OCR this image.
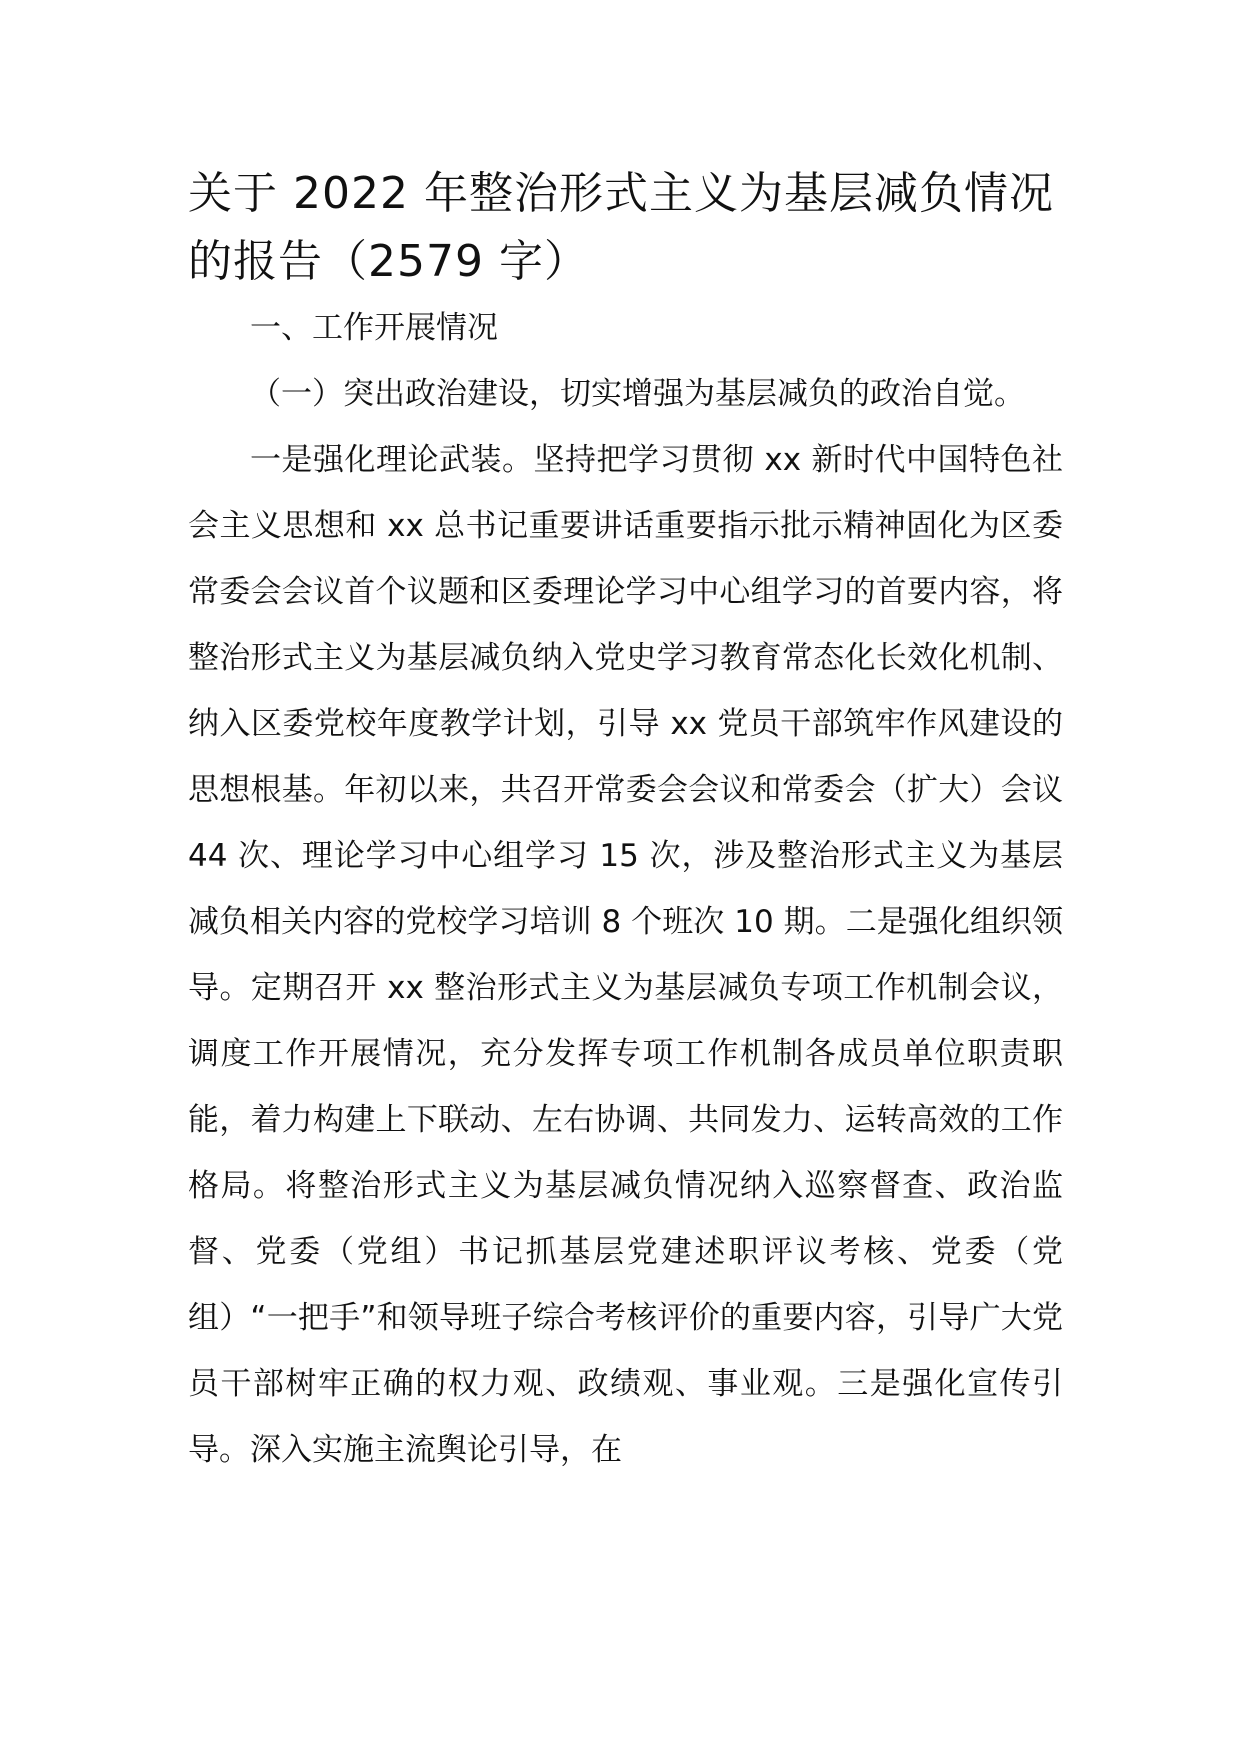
关于 2022 年整治形式主义为基层减负情况的报告（2579 字）

一、工作开展情况

（一）突出政治建设，切实增强为基层减负的政治自觉。

一是强化理论武装。坚持把学习贯彻 xx 新时代中国特色社会主义思想和 xx 总书记重要讲话重要指示批示精神固化为区委常委会会议首个议题和区委理论学习中心组学习的首要内容，将整治形式主义为基层减负纳入党史学习教育常态化长效化机制、纳入区委党校年度教学计划，引导 xx 党员干部筑牢作风建设的思想根基。年初以来，共召开常委会会议和常委会（扩大）会议 44 次、理论学习中心组学习 15 次，涉及整治形式主义为基层减负相关内容的党校学习培训 8 个班次 10 期。二是强化组织领导。定期召开 xx 整治形式主义为基层减负专项工作机制会议，调度工作开展情况，充分发挥专项工作机制各成员单位职责职能，着力构建上下联动、左右协调、共同发力、运转高效的工作格局。将整治形式主义为基层减负情况纳入巡察督查、政治监督、党委（党组）书记抓基层党建述职评议考核、党委（党组）“一把手”和领导班子综合考核评价的重要内容，引导广大党员干部树牢正确的权力观、政绩观、事业观。三是强化宣传引导。深入实施主流舆论引导，在
